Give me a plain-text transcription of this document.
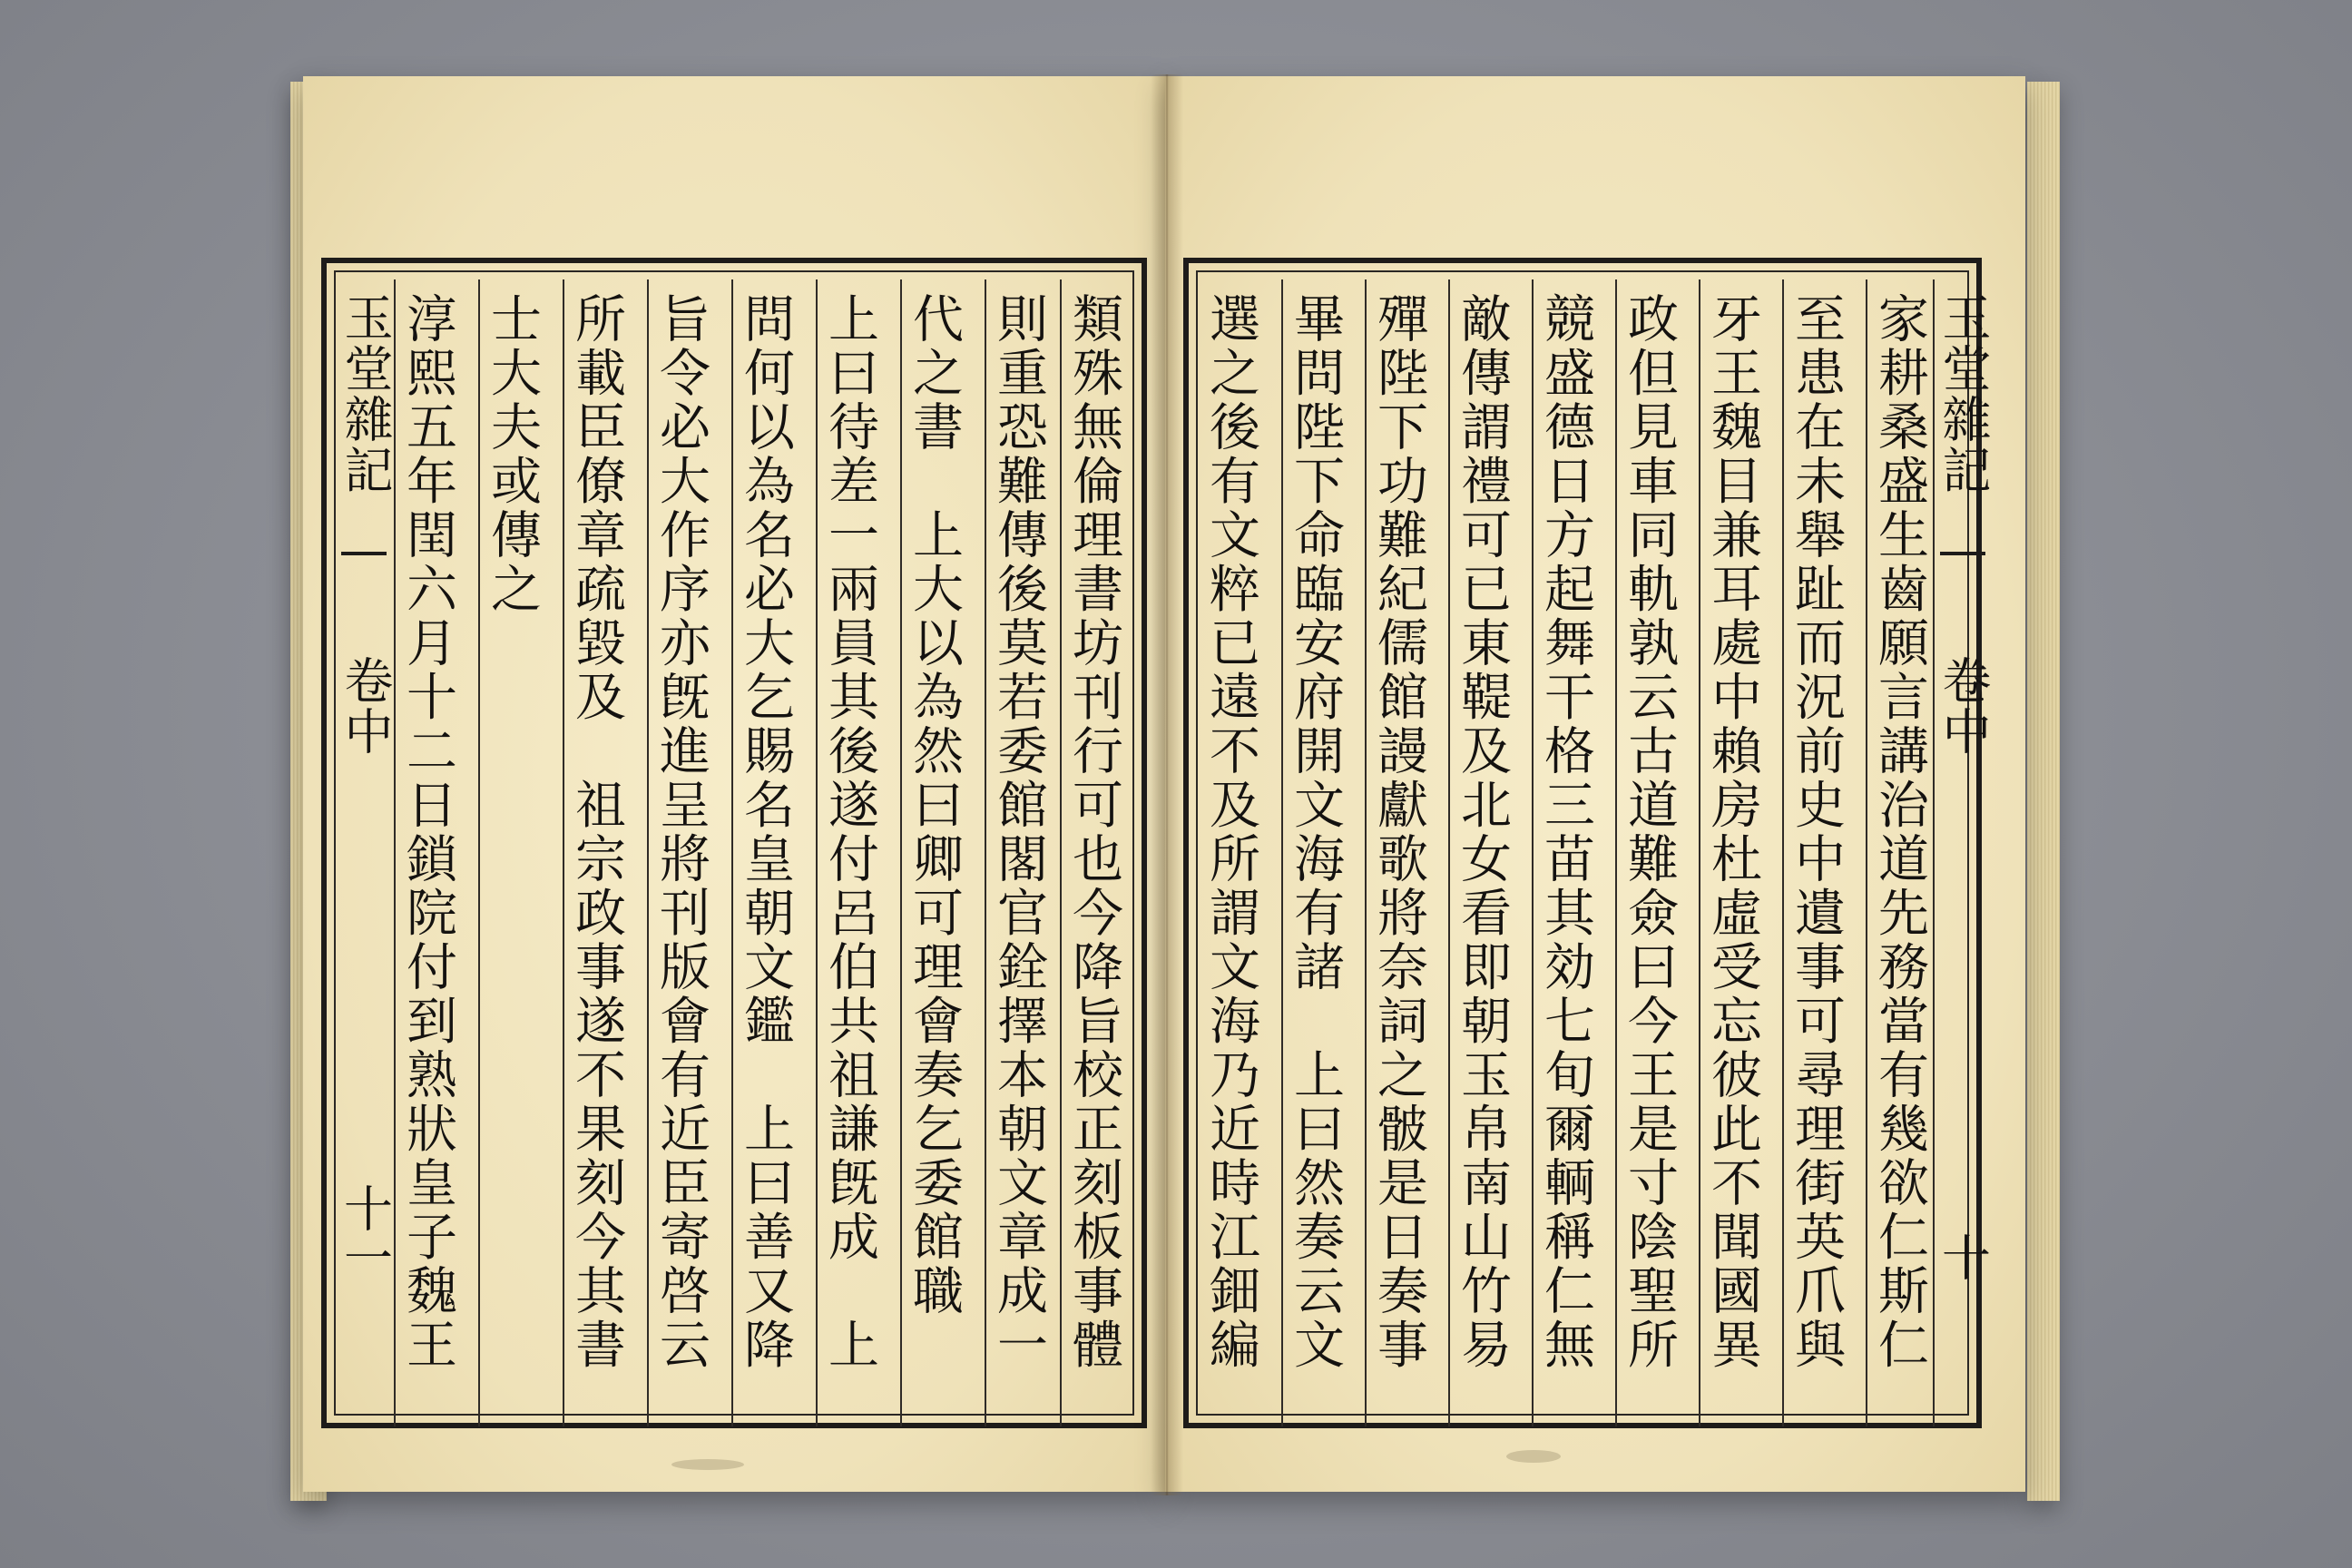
玉堂雜記
卷中
十一 淳熙五年閏六月十二日鎖院付到熟狀皇子魏王 士大夫或傳之 所載臣僚章疏毀及　祖宗政事遂不果刻今其書 旨令必大作序亦旣進呈將刊版會有近臣寄啓云 問何以為名必大乞賜名皇朝文鑑　上曰善又降 上曰待差一兩員其後遂付呂伯共祖謙旣成　上 代之書　上大以為然曰卿可理會奏乞委館職 則重恐難傳後莫若委館閣官銓擇本朝文章成一 類殊無倫理書坊刊行可也今降旨校正刻板事體 選之後有文粹已遠不及所謂文海乃近時江鈿編 畢問陛下命臨安府開文海有諸　上曰然奏云文 殫陛下功難紀儒館謾獻歌將奈詞之骳是日奏事 敵傳謂禮可已東鞮及北女看即朝玉帛南山竹易 競盛德日方起舞干格三苗其効七旬爾輌稱仁無 政但見車同軌孰云古道難僉曰今王是寸陰聖所 牙王魏目兼耳處中賴房杜虛受忘彼此不聞國異 至患在未舉趾而況前史中遺事可尋理街英爪與 家耕桑盛生齒願言講治道先務當有幾欲仁斯仁 玉堂雜記
卷中
十
